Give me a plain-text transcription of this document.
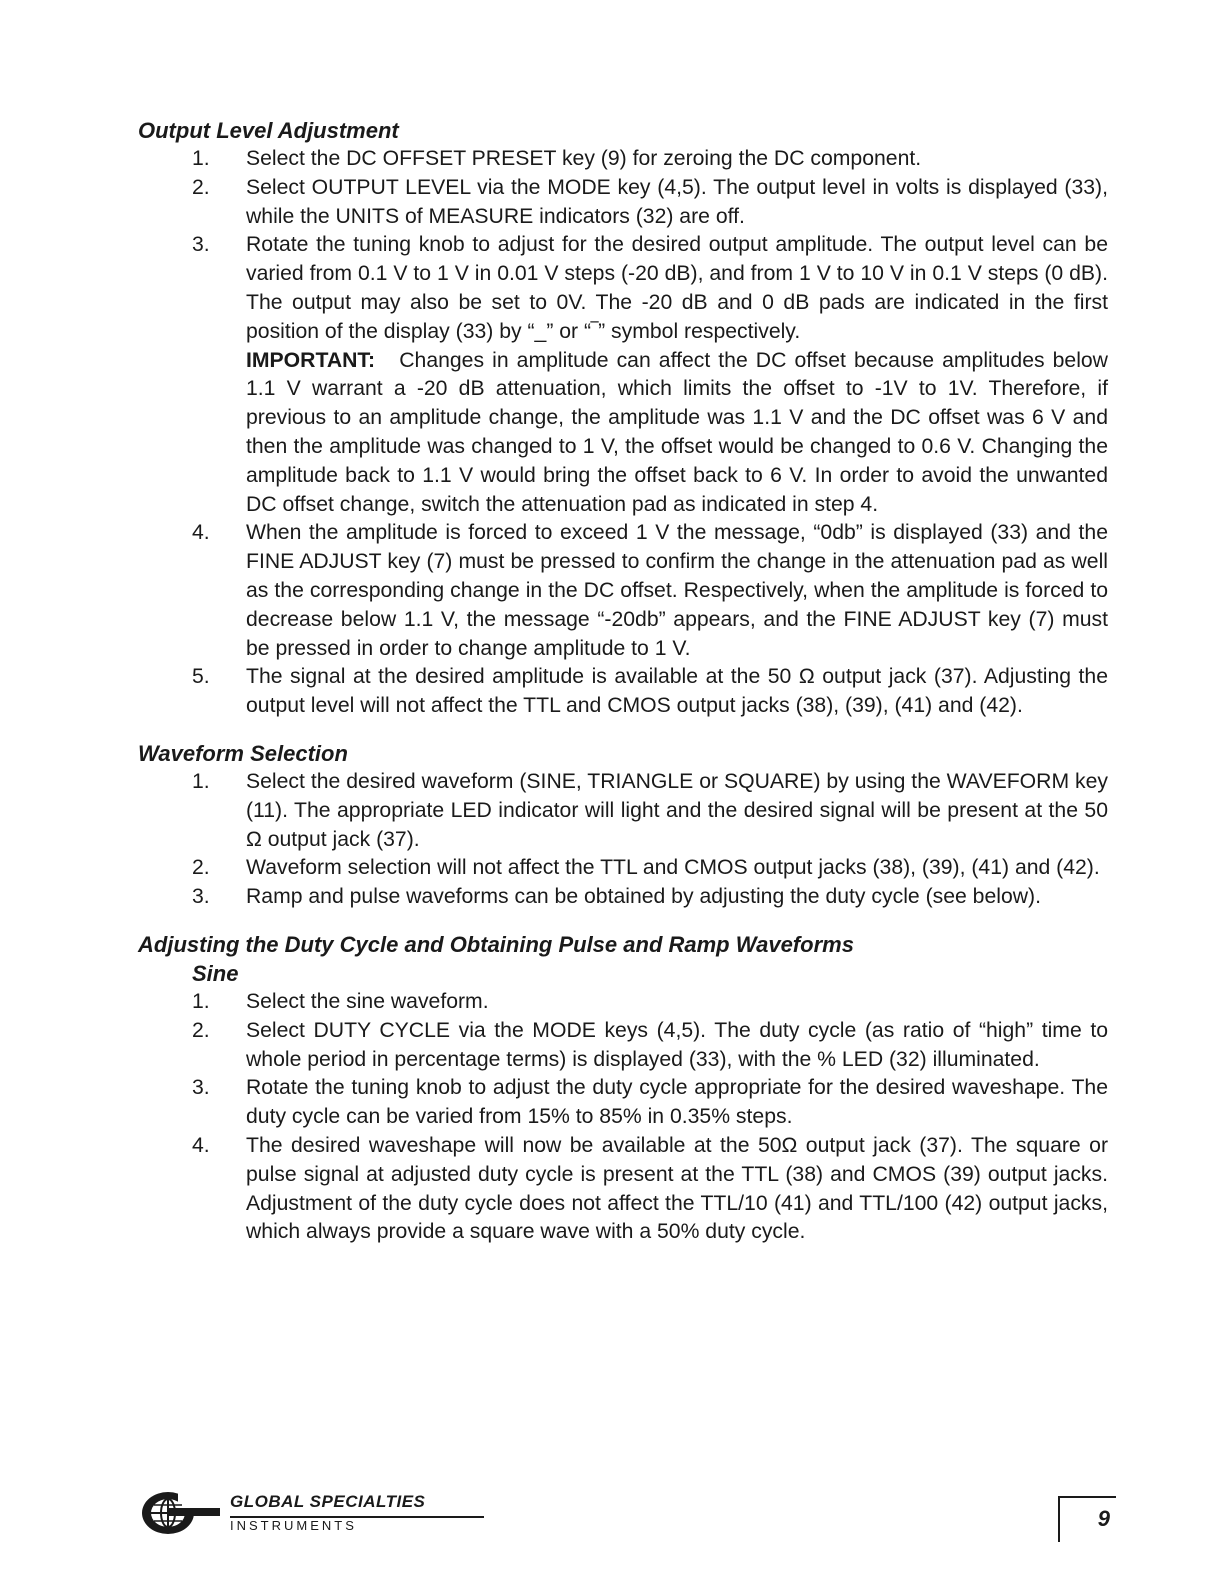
Output Level Adjustment
1.	Select the DC OFFSET PRESET key (9) for zeroing the DC component.
2.	Select OUTPUT LEVEL via the MODE key (4,5). The output level in volts is displayed (33), while the UNITS of MEASURE indicators (32) are off.
3.	Rotate the tuning knob to adjust for the desired output amplitude. The output level can be varied from 0.1 V to 1 V in 0.01 V steps (-20 dB), and from 1 V to 10 V in 0.1 V steps (0 dB). The output may also be set to 0V. The -20 dB and 0 dB pads are indicated in the first position of the display (33) by “_” or “‾” symbol respectively.
IMPORTANT: Changes in amplitude can affect the DC offset because amplitudes below 1.1 V warrant a -20 dB attenuation, which limits the offset to -1V to 1V. Therefore, if previous to an amplitude change, the amplitude was 1.1 V and the DC offset was 6 V and then the amplitude was changed to 1 V, the offset would be changed to 0.6 V. Changing the amplitude back to 1.1 V would bring the offset back to 6 V. In order to avoid the unwanted DC offset change, switch the attenuation pad as indicated in step 4.
4.	When the amplitude is forced to exceed 1 V the message, “0db” is displayed (33) and the FINE ADJUST key (7) must be pressed to confirm the change in the attenuation pad as well as the corresponding change in the DC offset. Respectively, when the amplitude is forced to decrease below 1.1 V, the message “-20db” appears, and the FINE ADJUST key (7) must be pressed in order to change amplitude to 1 V.
5.	The signal at the desired amplitude is available at the 50 Ω output jack (37). Adjusting the output level will not affect the TTL and CMOS output jacks (38), (39), (41) and (42).
Waveform Selection
1.	Select the desired waveform (SINE, TRIANGLE or SQUARE) by using the WAVEFORM key (11). The appropriate LED indicator will light and the desired signal will be present at the 50 Ω output jack (37).
2.	Waveform selection will not affect the TTL and CMOS output jacks (38), (39), (41) and (42).
3.	Ramp and pulse waveforms can be obtained by adjusting the duty cycle (see below).
Adjusting the Duty Cycle and Obtaining Pulse and Ramp Waveforms
Sine
1.	Select the sine waveform.
2.	Select DUTY CYCLE via the MODE keys (4,5). The duty cycle (as ratio of “high” time to whole period in percentage terms) is displayed (33), with the % LED (32) illuminated.
3.	Rotate the tuning knob to adjust the duty cycle appropriate for the desired waveshape. The duty cycle can be varied from 15% to 85% in 0.35% steps.
4.	The desired waveshape will now be available at the 50Ω output jack (37). The square or pulse signal at adjusted duty cycle is present at the TTL (38) and CMOS (39) output jacks. Adjustment of the duty cycle does not affect the TTL/10 (41) and TTL/100 (42) output jacks, which always provide a square wave with a 50% duty cycle.
GLOBAL SPECIALTIES
INSTRUMENTS	9
